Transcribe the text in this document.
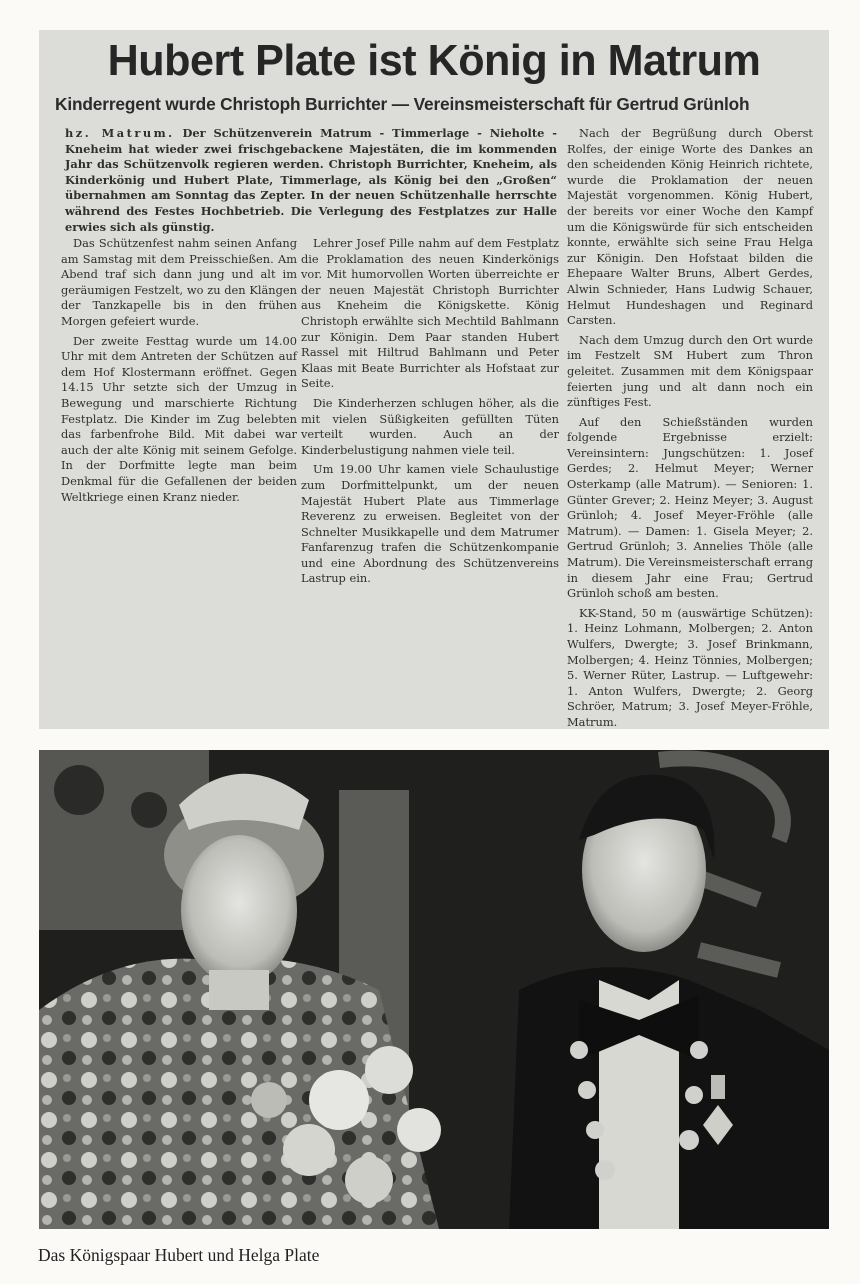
Hubert Plate ist König in Matrum
Kinderregent wurde Christoph Burrichter — Vereinsmeisterschaft für Gertrud Grünloh
hz. Matrum. Der Schützenverein Matrum - Timmerlage - Nieholte - Kneheim hat wieder zwei frischgebackene Majestäten, die im kommenden Jahr das Schützenvolk regieren werden. Christoph Burrichter, Kneheim, als Kinderkönig und Hubert Plate, Timmerlage, als König bei den „Großen“ übernahmen am Sonntag das Zepter. In der neuen Schützenhalle herrschte während des Festes Hochbetrieb. Die Verlegung des Festplatzes zur Halle erwies sich als günstig.

Das Schützenfest nahm seinen Anfang am Samstag mit dem Preisschießen. Am Abend traf sich dann jung und alt im geräumigen Festzelt, wo zu den Klängen der Tanzkapelle bis in den frühen Morgen gefeiert wurde.

Der zweite Festtag wurde um 14.00 Uhr mit dem Antreten der Schützen auf dem Hof Klostermann eröffnet. Gegen 14.15 Uhr setzte sich der Umzug in Bewegung und marschierte Richtung Festplatz. Die Kinder im Zug belebten das farbenfrohe Bild. Mit dabei war auch der alte König mit seinem Gefolge. In der Dorfmitte legte man beim Denkmal für die Gefallenen der beiden Weltkriege einen Kranz nieder.

Lehrer Josef Pille nahm auf dem Festplatz die Proklamation des neuen Kinderkönigs vor. Mit humorvollen Worten überreichte er der neuen Majestät Christoph Burrichter aus Kneheim die Königskette. König Christoph erwählte sich Mechtild Bahlmann zur Königin. Dem Paar standen Hubert Rassel mit Hiltrud Bahlmann und Peter Klaas mit Beate Burrichter als Hofstaat zur Seite.

Die Kinderherzen schlugen höher, als die mit vielen Süßigkeiten gefüllten Tüten verteilt wurden. Auch an der Kinderbelustigung nahmen viele teil.

Um 19.00 Uhr kamen viele Schaulustige zum Dorfmittelpunkt, um der neuen Majestät Hubert Plate aus Timmerlage Reverenz zu erweisen. Begleitet von der Schnelter Musikkapelle und dem Matrumer Fanfarenzug trafen die Schützenkompanie und eine Abordnung des Schützenvereins Lastrup ein.

Nach der Begrüßung durch Oberst Rolfes, der einige Worte des Dankes an den scheidenden König Heinrich richtete, wurde die Proklamation der neuen Majestät vorgenommen. König Hubert, der bereits vor einer Woche den Kampf um die Königswürde für sich entscheiden konnte, erwählte sich seine Frau Helga zur Königin. Den Hofstaat bilden die Ehepaare Walter Bruns, Albert Gerdes, Alwin Schnieder, Hans Ludwig Schauer, Helmut Hundeshagen und Reginard Carsten.

Nach dem Umzug durch den Ort wurde im Festzelt SM Hubert zum Thron geleitet. Zusammen mit dem Königspaar feierten jung und alt dann noch ein zünftiges Fest.

Auf den Schießständen wurden folgende Ergebnisse erzielt: Vereinsintern: Jungschützen: 1. Josef Gerdes; 2. Helmut Meyer; Werner Osterkamp (alle Matrum). — Senioren: 1. Günter Grever; 2. Heinz Meyer; 3. August Grünloh; 4. Josef Meyer-Fröhle (alle Matrum). — Damen: 1. Gisela Meyer; 2. Gertrud Grünloh; 3. Annelies Thöle (alle Matrum). Die Vereinsmeisterschaft errang in diesem Jahr eine Frau; Gertrud Grünloh schoß am besten.

KK-Stand, 50 m (auswärtige Schützen): 1. Heinz Lohmann, Molbergen; 2. Anton Wulfers, Dwergte; 3. Josef Brinkmann, Molbergen; 4. Heinz Tönnies, Molbergen; 5. Werner Rüter, Lastrup. — Luftgewehr: 1. Anton Wulfers, Dwergte; 2. Georg Schröer, Matrum; 3. Josef Meyer-Fröhle, Matrum.

Das Königspaar Hubert und Helga Plate
